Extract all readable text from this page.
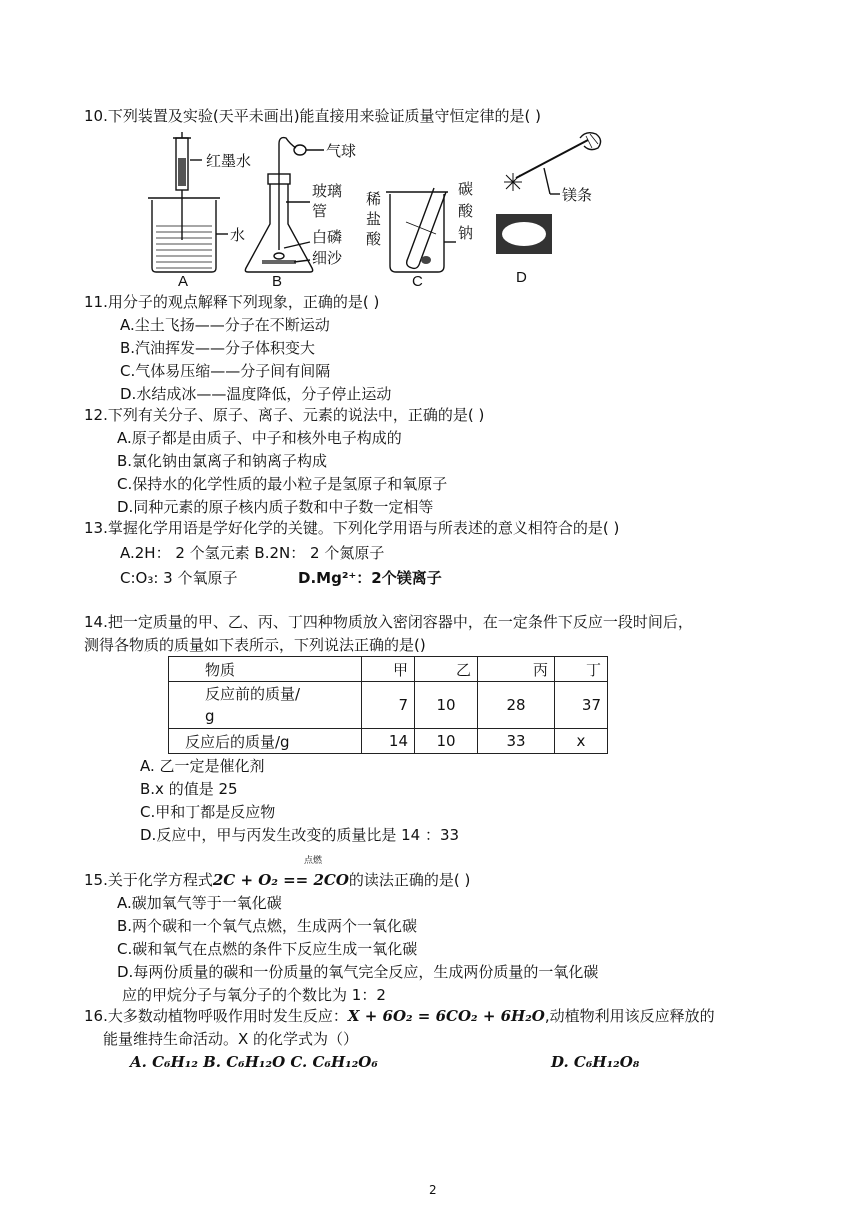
10.下列装置及实验(天平未画出)能直接用来验证质量守恒定律的是( )
红墨水
水
A
气球
玻璃
管
白磷
细沙
B
稀
盐
酸
碳
酸
钠
C
镁条
D
11.用分子的观点解释下列现象，正确的是( )
A.尘土飞扬——分子在不断运动
B.汽油挥发——分子体积变大
C.气体易压缩——分子间有间隔
D.水结成冰——温度降低，分子停止运动
12.下列有关分子、原子、离子、元素的说法中，正确的是( )
A.原子都是由质子、中子和核外电子构成的
B.氯化钠由氯离子和钠离子构成
C.保持水的化学性质的最小粒子是氢原子和氧原子
D.同种元素的原子核内质子数和中子数一定相等
13.掌握化学用语是学好化学的关键。下列化学用语与所表述的意义相符合的是( )
A.2H： 2 个氢元素 B.2N： 2 个氮原子
C:O₃: 3 个氧原子	D.Mg²⁺：2个镁离子
14.把一定质量的甲、乙、丙、丁四种物质放入密闭容器中，在一定条件下反应一段时间后，
测得各物质的质量如下表所示，下列说法正确的是()
物质	甲	乙	丙	丁
反应前的质量/
g	7	10	28	37
反应后的质量/g	14	10	33	x
A. 乙一定是催化剂
B.x 的值是 25
C.甲和丁都是反应物
D.反应中，甲与丙发生改变的质量比是 14 ：33
点燃
15.关于化学方程式2C + O₂ == 2CO的读法正确的是( )
A.碳加氧气等于一氧化碳
B.两个碳和一个氧气点燃，生成两个一氧化碳
C.碳和氧气在点燃的条件下反应生成一氧化碳
D.每两份质量的碳和一份质量的氧气完全反应，生成两份质量的一氧化碳
应的甲烷分子与氧分子的个数比为 1：2
16.大多数动植物呼吸作用时发生反应：X + 6O₂ = 6CO₂ + 6H₂O,动植物利用该反应释放的
能量维持生命活动。X 的化学式为（）
A. C₆H₁₂ B. C₆H₁₂O C. C₆H₁₂O₆	D. C₆H₁₂O₈
2
